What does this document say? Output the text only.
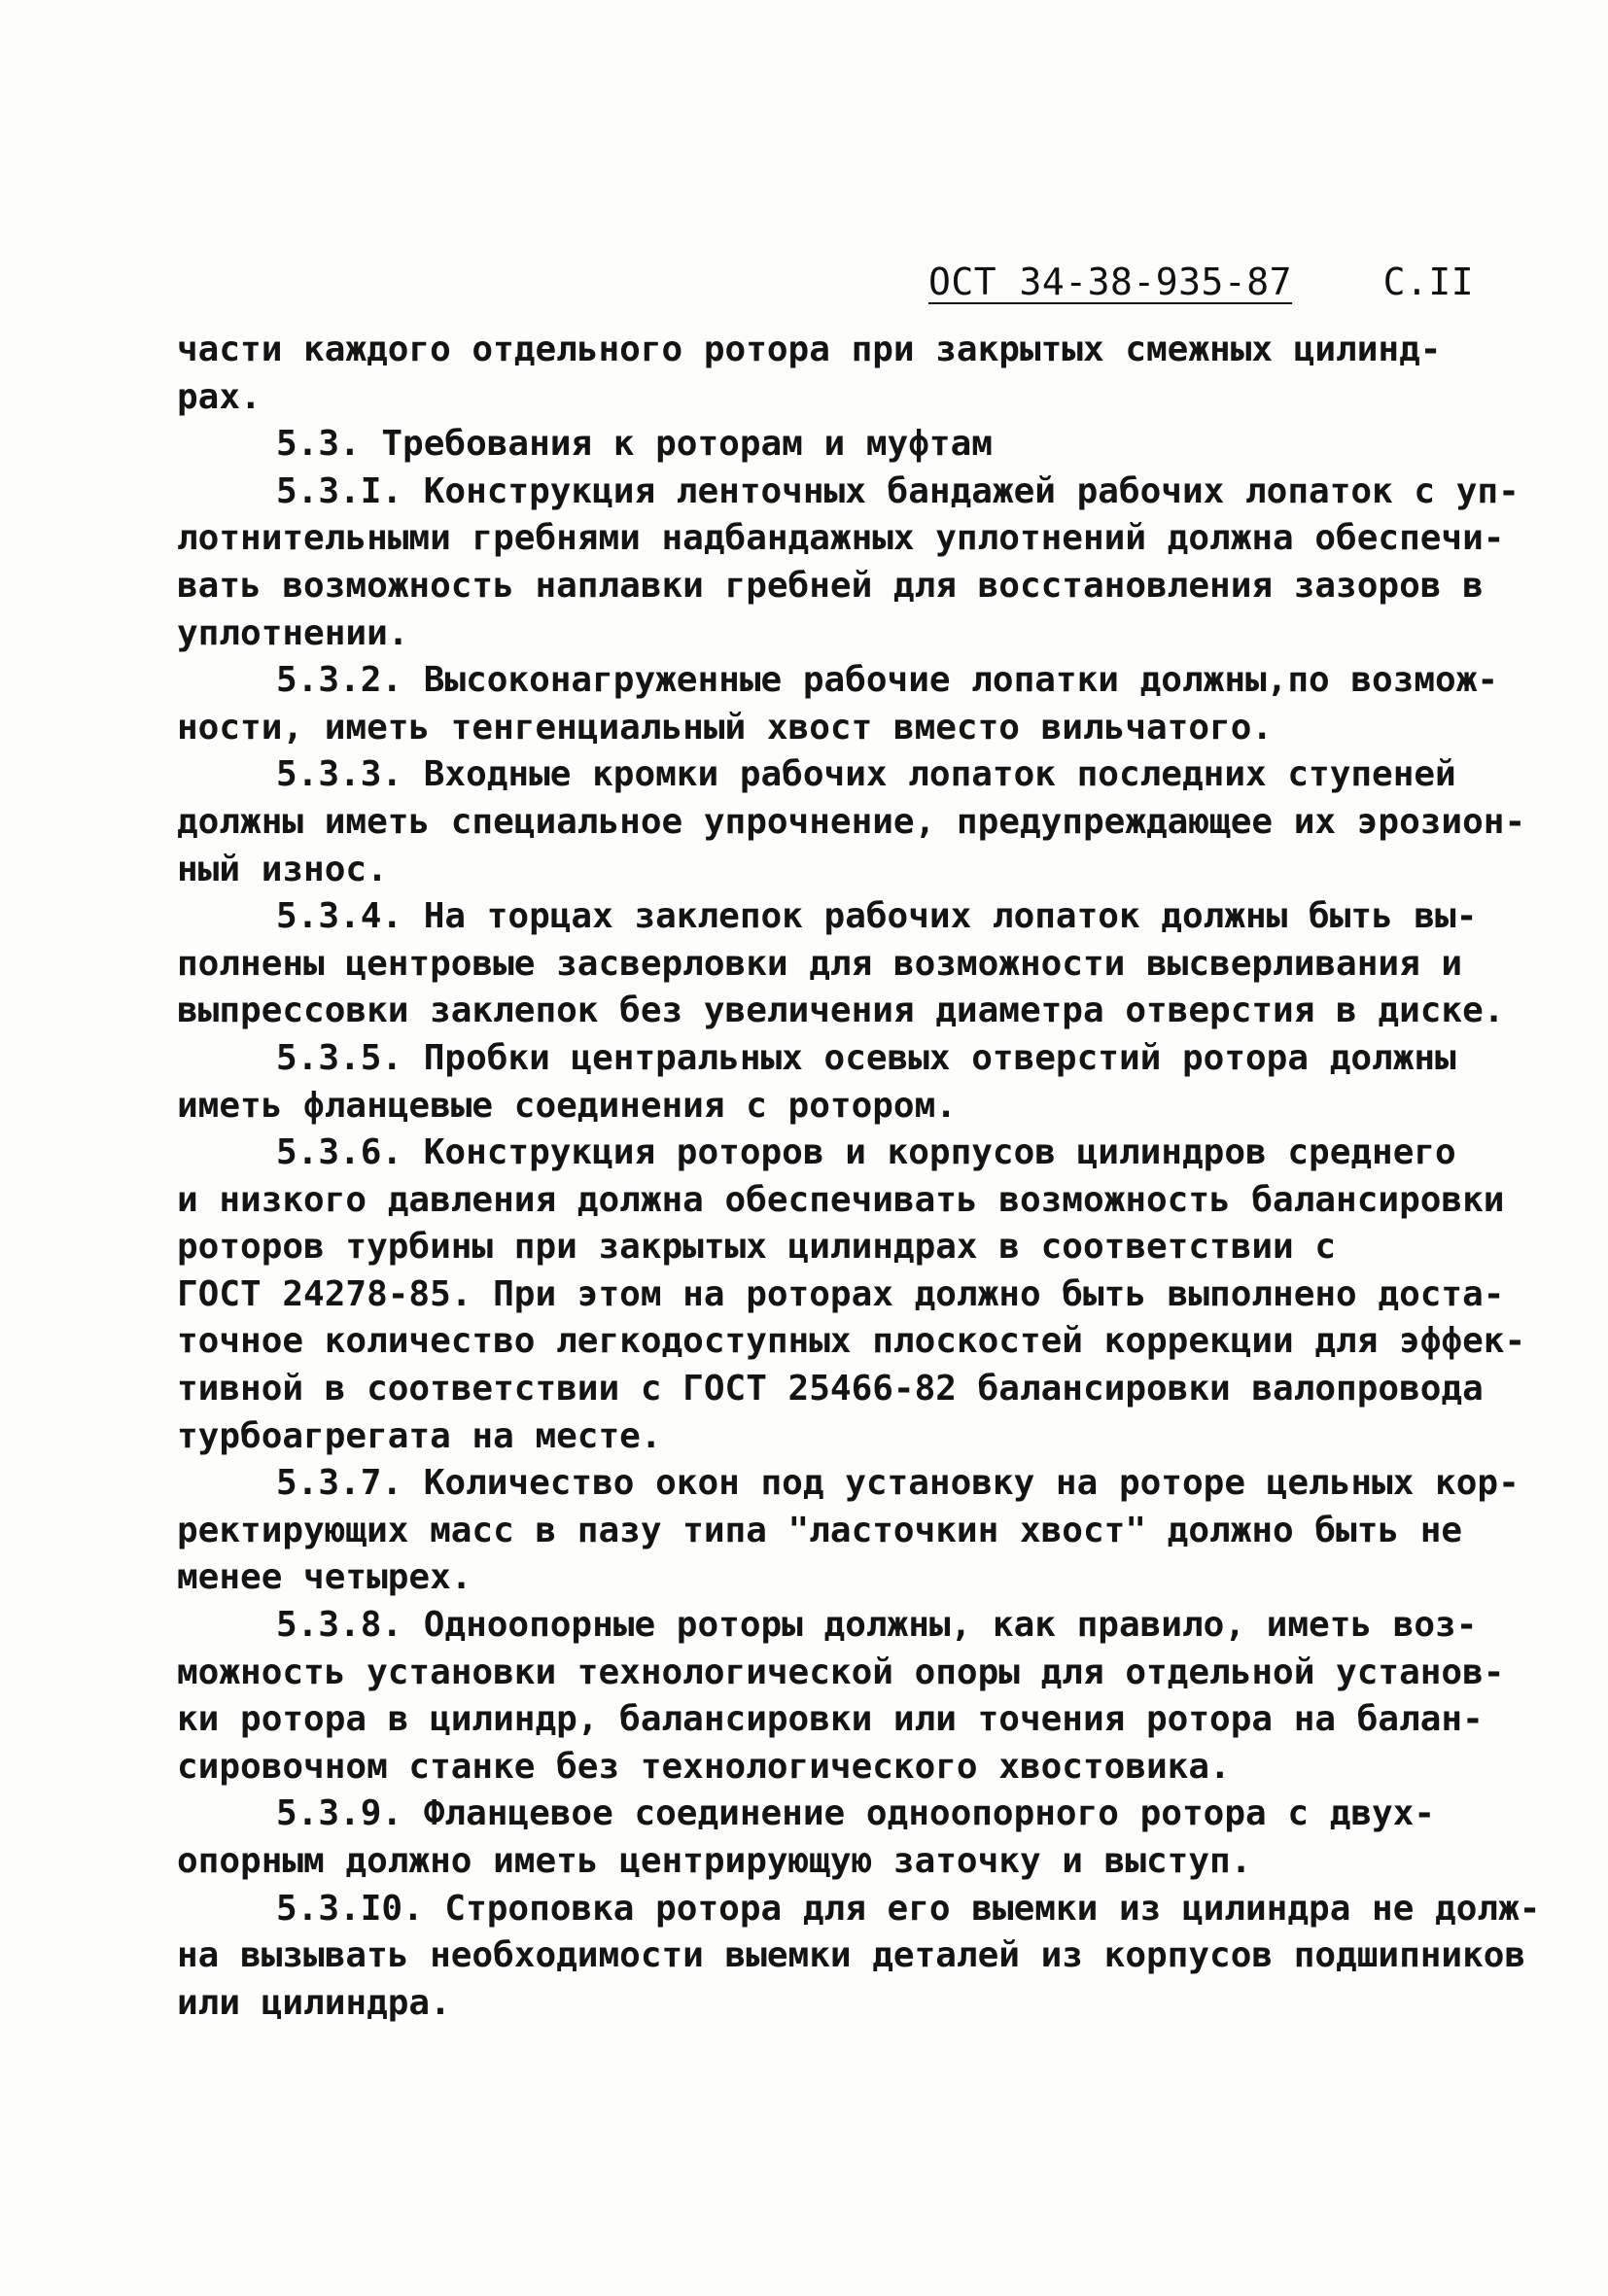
ОСТ 34-38-935-87 С.II
части каждого отдельного ротора при закрытых смежных цилинд-
рах.
5.3. Требования к роторам и муфтам
5.3.I. Конструкция ленточных бандажей рабочих лопаток с уп-
лотнительными гребнями надбандажных уплотнений должна обеспечи-
вать возможность наплавки гребней для восстановления зазоров в
уплотнении.
5.3.2. Высоконагруженные рабочие лопатки должны,по возмож-
ности, иметь тенгенциальный хвост вместо вильчатого.
5.3.3. Входные кромки рабочих лопаток последних ступеней
должны иметь специальное упрочнение, предупреждающее их эрозион-
ный износ.
5.3.4. На торцах заклепок рабочих лопаток должны быть вы-
полнены центровые засверловки для возможности высверливания и
выпрессовки заклепок без увеличения диаметра отверстия в диске.
5.3.5. Пробки центральных осевых отверстий ротора должны
иметь фланцевые соединения с ротором.
5.3.6. Конструкция роторов и корпусов цилиндров среднего
и низкого давления должна обеспечивать возможность балансировки
роторов турбины при закрытых цилиндрах в соответствии с
ГОСТ 24278-85. При этом на роторах должно быть выполнено доста-
точное количество легкодоступных плоскостей коррекции для эффек-
тивной в соответствии с ГОСТ 25466-82 балансировки валопровода
турбоагрегата на месте.
5.3.7. Количество окон под установку на роторе цельных кор-
ректирующих масс в пазу типа "ласточкин хвост" должно быть не
менее четырех.
5.3.8. Одноопорные роторы должны, как правило, иметь воз-
можность установки технологической опоры для отдельной установ-
ки ротора в цилиндр, балансировки или точения ротора на балан-
сировочном станке без технологического хвостовика.
5.3.9. Фланцевое соединение одноопорного ротора с двух-
опорным должно иметь центрирующую заточку и выступ.
5.3.I0. Строповка ротора для его выемки из цилиндра не долж-
на вызывать необходимости выемки деталей из корпусов подшипников
или цилиндра.
